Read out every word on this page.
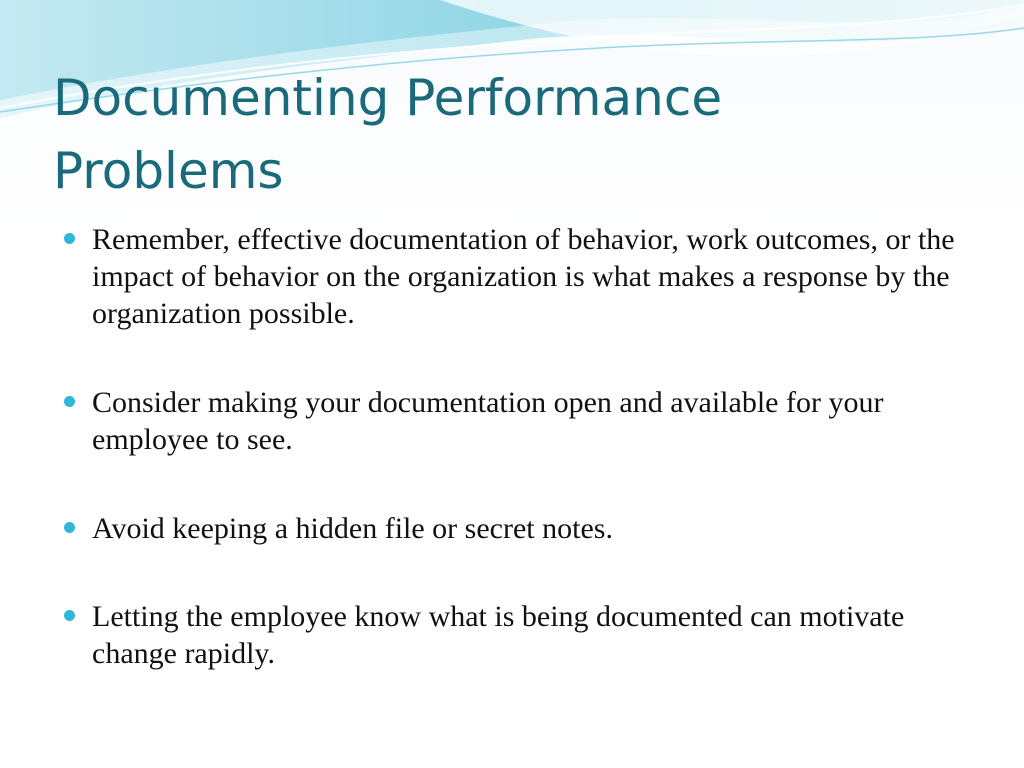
Documenting Performance
Problems
Remember, effective documentation of behavior, work outcomes, or the impact of behavior on the organization is what makes a response by the organization possible.
Consider making your documentation open and available for your employee to see.
Avoid keeping a hidden file or secret notes.
Letting the employee know what is being documented can motivate change rapidly.
